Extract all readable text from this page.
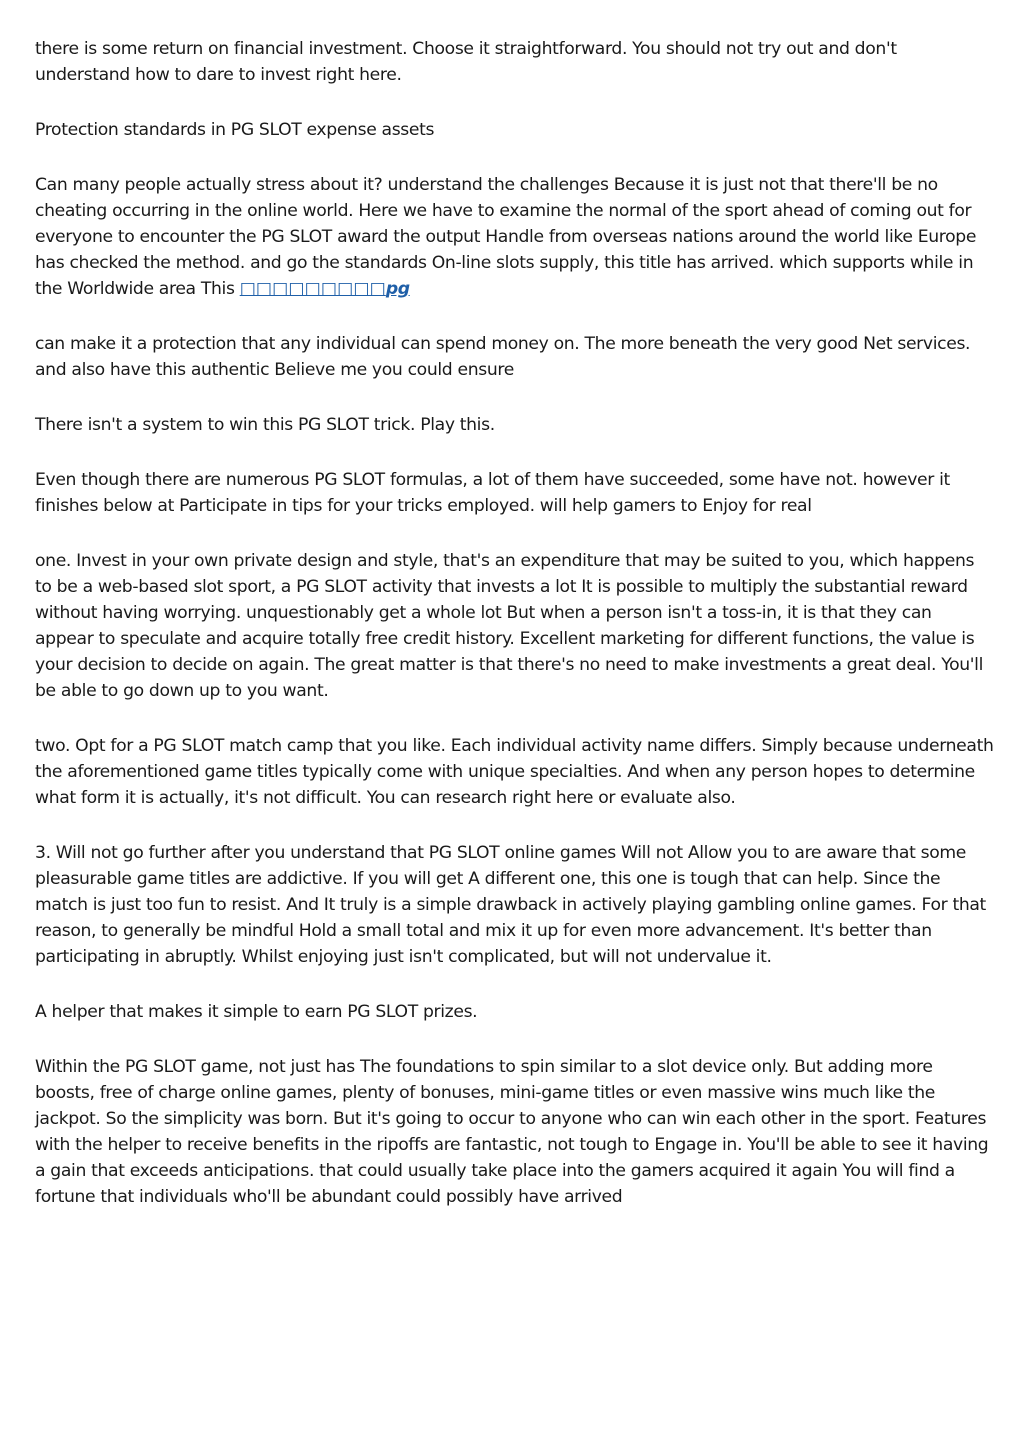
there is some return on financial investment. Choose it straightforward. You should not try out and don't understand how to dare to invest right here.

Protection standards in PG SLOT expense assets

Can many people actually stress about it? understand the challenges Because it is just not that there'll be no cheating occurring in the online world. Here we have to examine the normal of the sport ahead of coming out for everyone to encounter the PG SLOT award the output Handle from overseas nations around the world like Europe has checked the method. and go the standards On-line slots supply, this title has arrived. which supports while in the Worldwide area This □□□□□□□□□pg

can make it a protection that any individual can spend money on. The more beneath the very good Net services. and also have this authentic Believe me you could ensure

There isn't a system to win this PG SLOT trick. Play this.

Even though there are numerous PG SLOT formulas, a lot of them have succeeded, some have not. however it finishes below at Participate in tips for your tricks employed. will help gamers to Enjoy for real

one. Invest in your own private design and style, that's an expenditure that may be suited to you, which happens to be a web-based slot sport, a PG SLOT activity that invests a lot It is possible to multiply the substantial reward without having worrying. unquestionably get a whole lot But when a person isn't a toss-in, it is that they can appear to speculate and acquire totally free credit history. Excellent marketing for different functions, the value is your decision to decide on again. The great matter is that there's no need to make investments a great deal. You'll be able to go down up to you want.

two. Opt for a PG SLOT match camp that you like. Each individual activity name differs. Simply because underneath the aforementioned game titles typically come with unique specialties. And when any person hopes to determine what form it is actually, it's not difficult. You can research right here or evaluate also.

3. Will not go further after you understand that PG SLOT online games Will not Allow you to are aware that some pleasurable game titles are addictive. If you will get A different one, this one is tough that can help. Since the match is just too fun to resist. And It truly is a simple drawback in actively playing gambling online games. For that reason, to generally be mindful Hold a small total and mix it up for even more advancement. It's better than participating in abruptly. Whilst enjoying just isn't complicated, but will not undervalue it.

A helper that makes it simple to earn PG SLOT prizes.

Within the PG SLOT game, not just has The foundations to spin similar to a slot device only. But adding more boosts, free of charge online games, plenty of bonuses, mini-game titles or even massive wins much like the jackpot. So the simplicity was born. But it's going to occur to anyone who can win each other in the sport. Features with the helper to receive benefits in the ripoffs are fantastic, not tough to Engage in. You'll be able to see it having a gain that exceeds anticipations. that could usually take place into the gamers acquired it again You will find a fortune that individuals who'll be abundant could possibly have arrived
